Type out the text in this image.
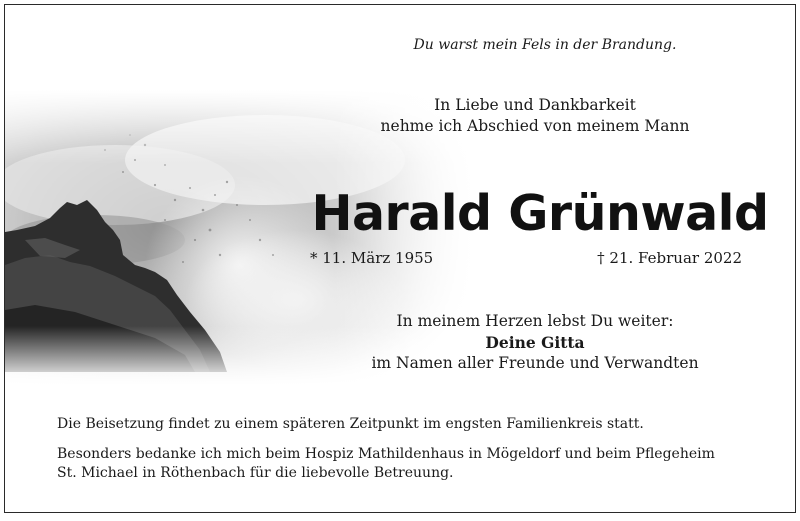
Du warst mein Fels in der Brandung.
In Liebe und Dankbarkeit
nehme ich Abschied von meinem Mann
Harald Grünwald
* 11. März 1955	† 21. Februar 2022
In meinem Herzen lebst Du weiter:
Deine Gitta
im Namen aller Freunde und Verwandten

Die Beisetzung findet zu einem späteren Zeitpunkt im engsten Familienkreis statt.

Besonders bedanke ich mich beim Hospiz Mathildenhaus in Mögeldorf und beim Pflegeheim
St. Michael in Röthenbach für die liebevolle Betreuung.
